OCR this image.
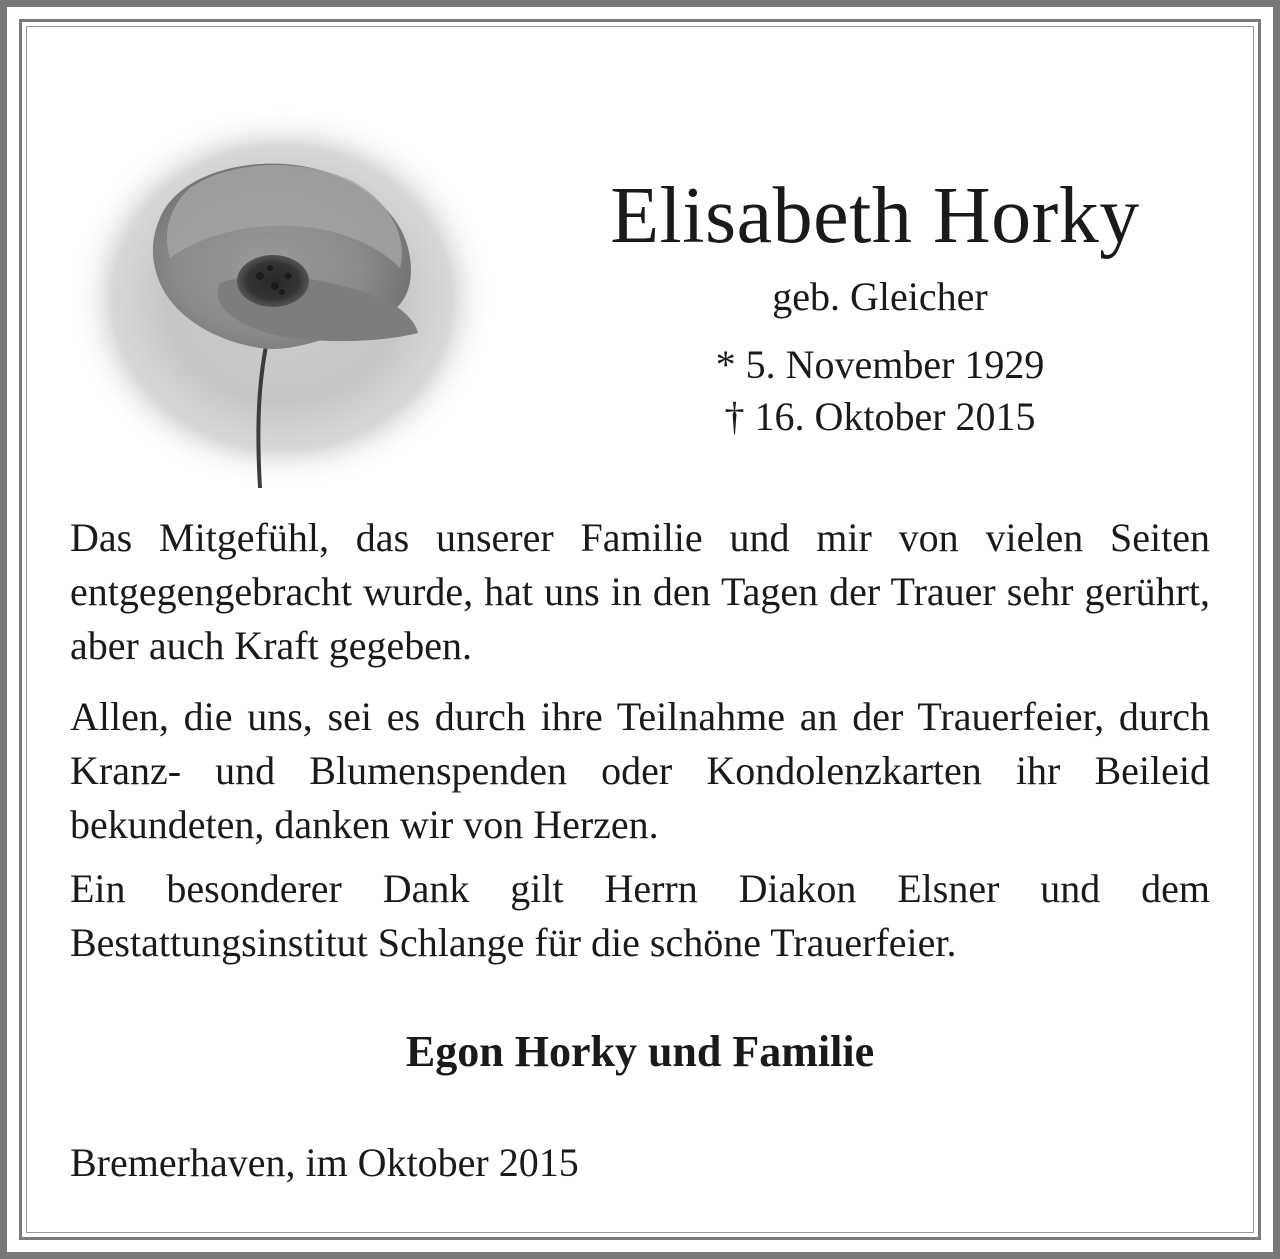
Elisabeth Horky
geb. Gleicher
* 5. November 1929
† 16. Oktober 2015

Das Mitgefühl, das unserer Familie und mir von vielen Seiten entgegengebracht wurde, hat uns in den Tagen der Trauer sehr gerührt, aber auch Kraft gegeben.

Allen, die uns, sei es durch ihre Teilnahme an der Trauerfeier, durch Kranz- und Blumenspenden oder Kondolenzkarten ihr Beileid bekundeten, danken wir von Herzen.

Ein besonderer Dank gilt Herrn Diakon Elsner und dem Bestattungsinstitut Schlange für die schöne Trauerfeier.

Egon Horky und Familie
Bremerhaven, im Oktober 2015
